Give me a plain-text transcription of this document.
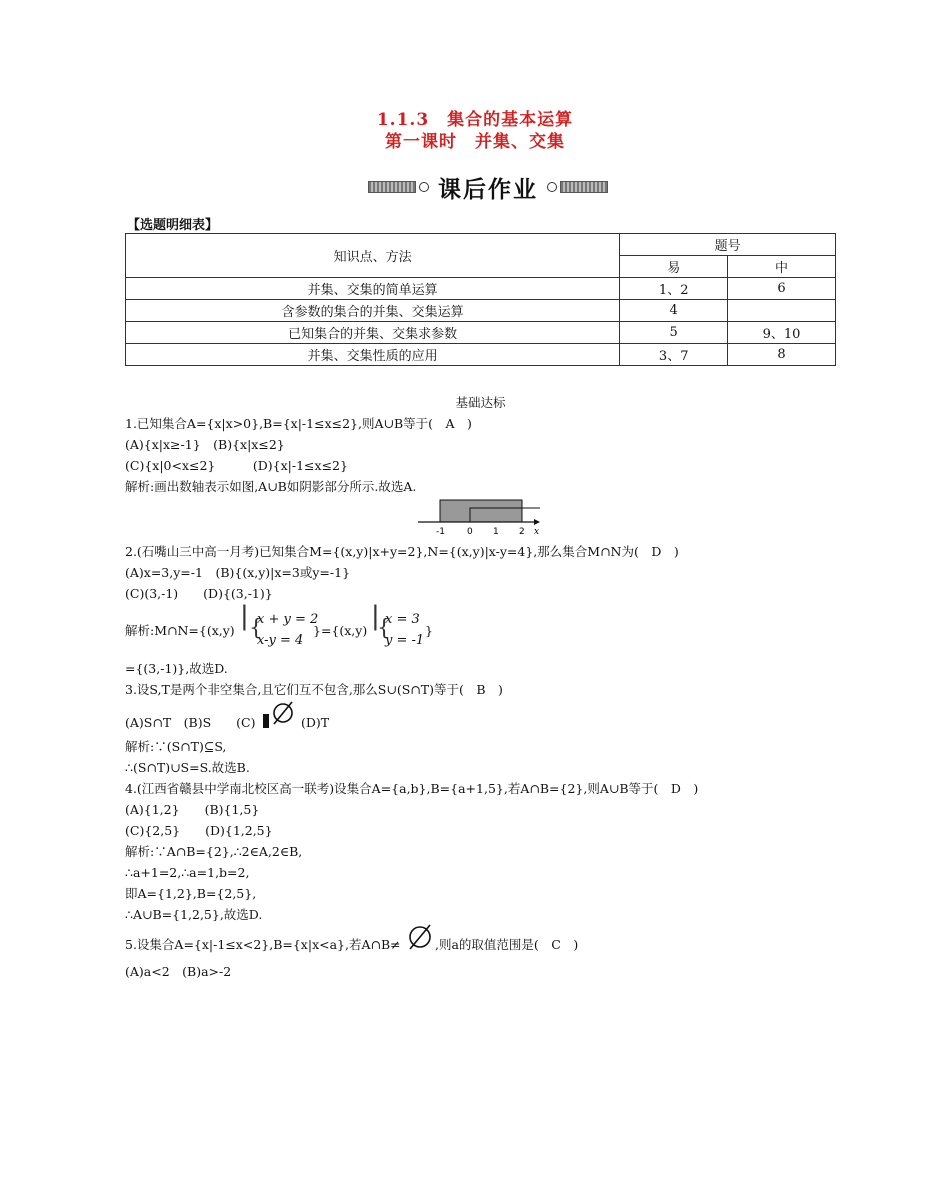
1.1.3　集合的基本运算
第一课时　并集、交集
课后作业
【选题明细表】
知识点、方法	题号	
	易	中
并集、交集的简单运算	1、2	6
含参数的集合的并集、交集运算	4	
已知集合的并集、交集求参数	5	9、10
并集、交集性质的应用	3、7	8
基础达标
1.已知集合A={x|x>0},B={x|-1≤x≤2},则A∪B等于(　A　)
(A){x|x≥-1}　(B){x|x≤2}
(C){x|0<x≤2}　　　(D){x|-1≤x≤2}
解析:画出数轴表示如图,A∪B如阴影部分所示.故选A.
2.(石嘴山三中高一月考)已知集合M={(x,y)|x+y=2},N={(x,y)|x-y=4},那么集合M∩N为(　D　)
(A)x=3,y=-1　(B){(x,y)|x=3或y=-1}
(C)(3,-1)　　(D){(3,-1)}
解析:M∩N={(x,y) | {
x + y = 2
x-y = 4
}={(x,y) |
{
x = 3
y = -1
}
={(3,-1)},故选D.
3.设S,T是两个非空集合,且它们互不包含,那么S∪(S∩T)等于(　B　)
(A)S∩T　(B)S　　(C)	(D)T
解析:∵(S∩T)⊆S,
∴(S∩T)∪S=S.故选B.
4.(江西省赣县中学南北校区高一联考)设集合A={a,b},B={a+1,5},若A∩B={2},则A∪B等于(　D　)
(A){1,2}　　(B){1,5}
(C){2,5}　　(D){1,2,5}
解析:∵A∩B={2},∴2∈A,2∈B,
∴a+1=2,∴a=1,b=2,
即A={1,2},B={2,5},
∴A∪B={1,2,5},故选D.
5.设集合A={x|-1≤x<2},B={x|x<a},若A∩B≠	,则a的取值范围是(　C　)
(A)a<2　(B)a>-2
-1 0 1 2 x
